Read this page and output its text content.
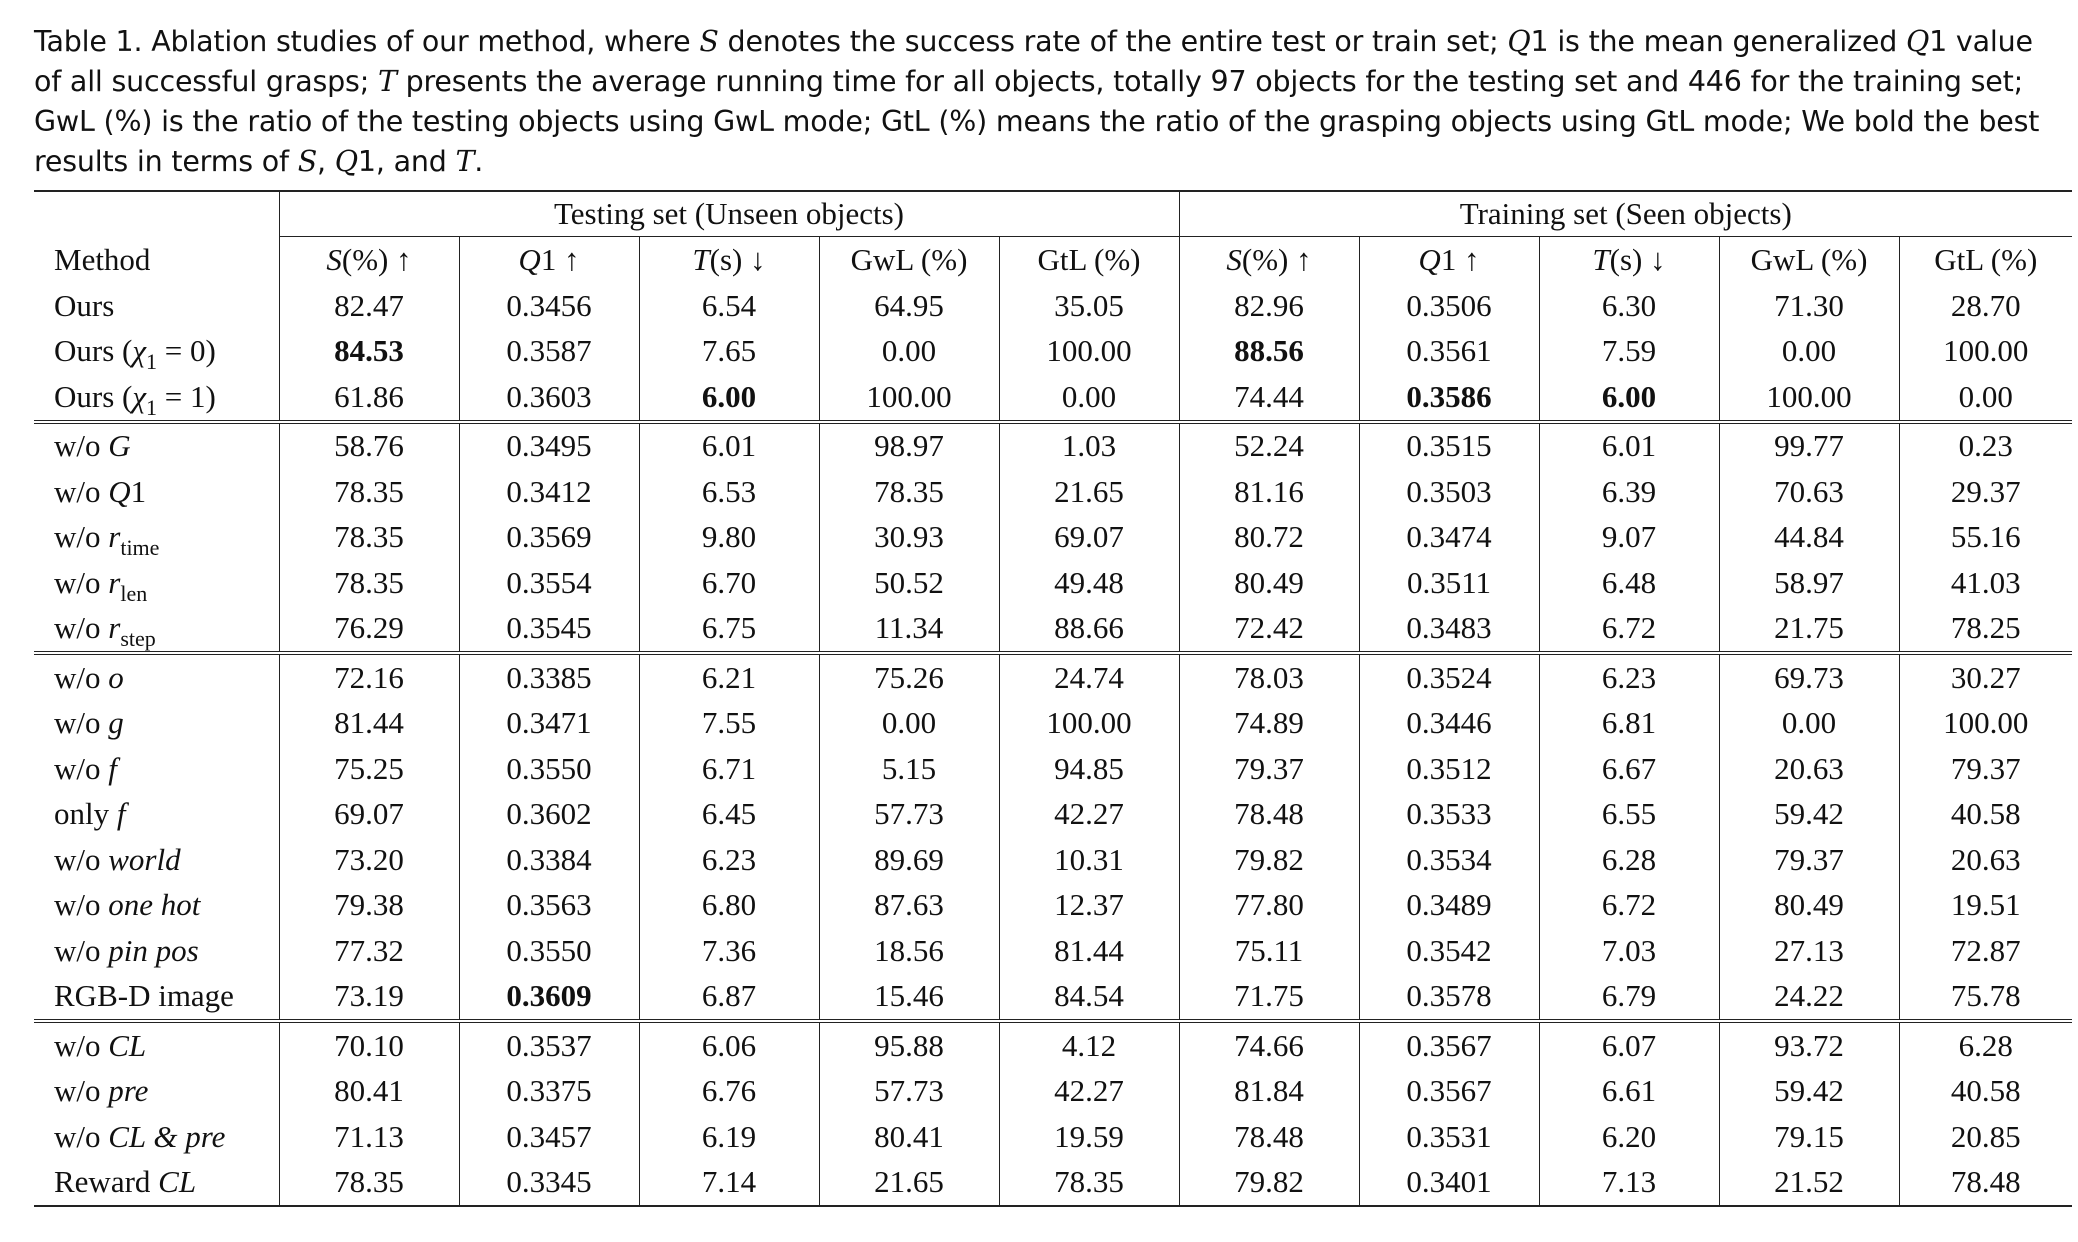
Table 1. Ablation studies of our method, where S denotes the success rate of the entire test or train set; Q1 is the mean generalized Q1 value of all successful grasps; T presents the average running time for all objects, totally 97 objects for the testing set and 446 for the training set; GwL (%) is the ratio of the testing objects using GwL mode; GtL (%) means the ratio of the grasping objects using GtL mode; We bold the best results in terms of S, Q1, and T.
	Testing set (Unseen objects)					Training set (Seen objects)				
Method	S(%) ↑	Q1 ↑	T(s) ↓	GwL (%)	GtL (%)	S(%) ↑	Q1 ↑	T(s) ↓	GwL (%)	GtL (%)
Ours	82.47	0.3456	6.54	64.95	35.05	82.96	0.3506	6.30	71.30	28.70
Ours $(\chi_1 = 0)$	84.53	0.3587	7.65	0.00	100.00	88.56	0.3561	7.59	0.00	100.00
Ours $(\chi_1 = 1)$	61.86	0.3603	6.00	100.00	0.00	74.44	0.3586	6.00	100.00	0.00
w/o G	58.76	0.3495	6.01	98.97	1.03	52.24	0.3515	6.01	99.77	0.23
w/o Q1	78.35	0.3412	6.53	78.35	21.65	81.16	0.3503	6.39	70.63	29.37
w/o $r_{time}$	78.35	0.3569	9.80	30.93	69.07	80.72	0.3474	9.07	44.84	55.16
w/o $r_{len}$	78.35	0.3554	6.70	50.52	49.48	80.49	0.3511	6.48	58.97	41.03
w/o $r_{step}$	76.29	0.3545	6.75	11.34	88.66	72.42	0.3483	6.72	21.75	78.25
w/o o	72.16	0.3385	6.21	75.26	24.74	78.03	0.3524	6.23	69.73	30.27
w/o g	81.44	0.3471	7.55	0.00	100.00	74.89	0.3446	6.81	0.00	100.00
w/o f	75.25	0.3550	6.71	5.15	94.85	79.37	0.3512	6.67	20.63	79.37
only f	69.07	0.3602	6.45	57.73	42.27	78.48	0.3533	6.55	59.42	40.58
w/o world	73.20	0.3384	6.23	89.69	10.31	79.82	0.3534	6.28	79.37	20.63
w/o one hot	79.38	0.3563	6.80	87.63	12.37	77.80	0.3489	6.72	80.49	19.51
w/o pin pos	77.32	0.3550	7.36	18.56	81.44	75.11	0.3542	7.03	27.13	72.87
RGB-D image	73.19	0.3609	6.87	15.46	84.54	71.75	0.3578	6.79	24.22	75.78
w/o CL	70.10	0.3537	6.06	95.88	4.12	74.66	0.3567	6.07	93.72	6.28
w/o pre	80.41	0.3375	6.76	57.73	42.27	81.84	0.3567	6.61	59.42	40.58
w/o CL & pre	71.13	0.3457	6.19	80.41	19.59	78.48	0.3531	6.20	79.15	20.85
Reward CL	78.35	0.3345	7.14	21.65	78.35	79.82	0.3401	7.13	21.52	78.48
